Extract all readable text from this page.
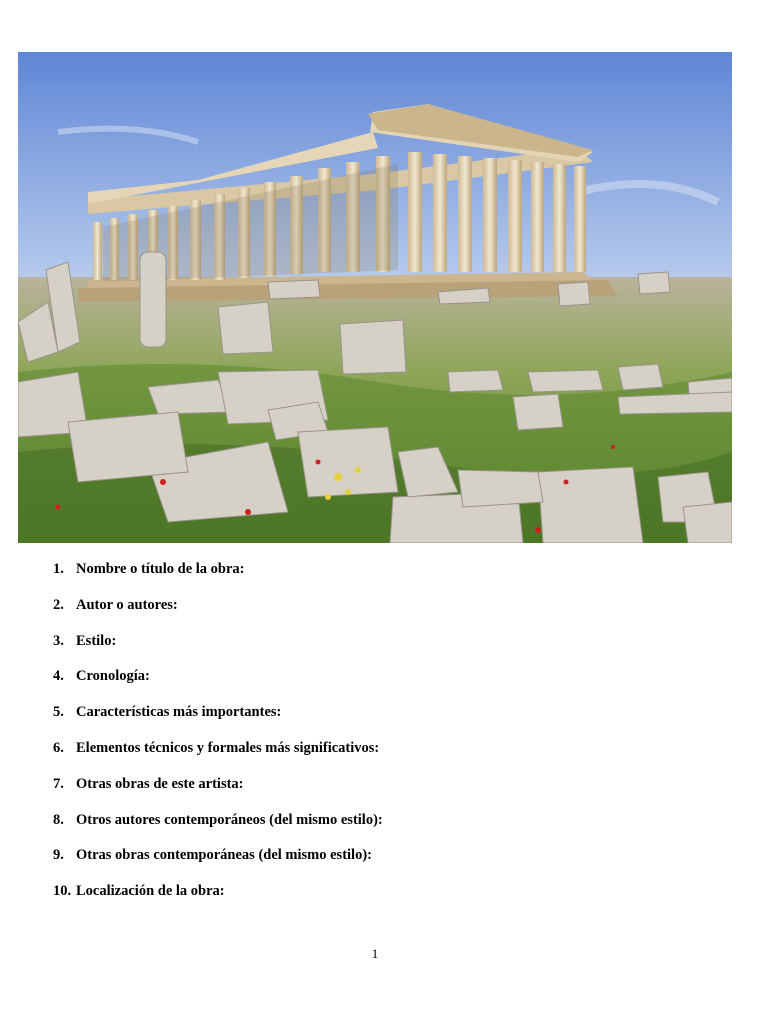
1. Nombre o título de la obra:
2. Autor o autores:
3. Estilo:
4. Cronología:
5. Características más importantes:
6. Elementos técnicos y formales más significativos:
7. Otras obras de este artista:
8. Otros autores contemporáneos (del mismo estilo):
9. Otras obras contemporáneas (del mismo estilo):
10. Localización de la obra:
1
